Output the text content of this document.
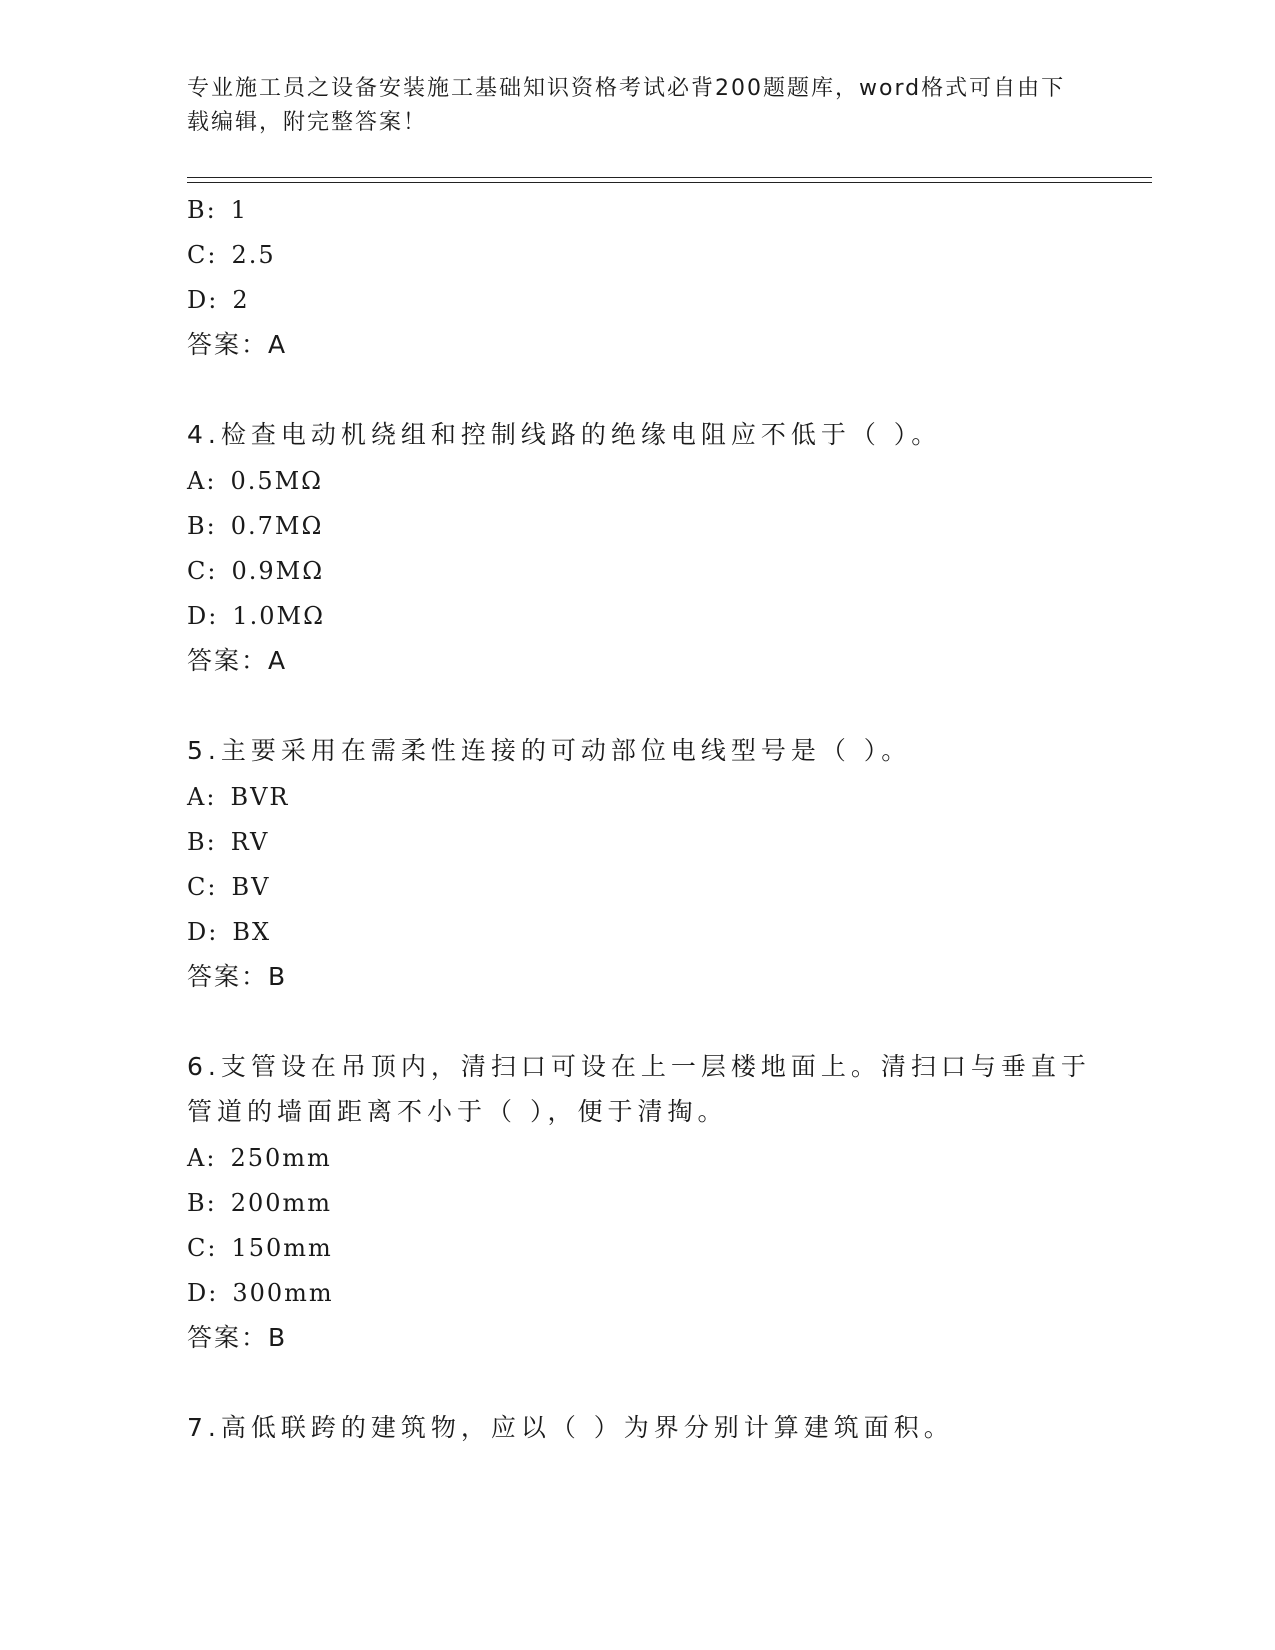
专业施工员之设备安装施工基础知识资格考试必背200题题库，word格式可自由下载编辑，附完整答案！
B: 1
C: 2.5
D: 2
答案：A
4.检查电动机绕组和控制线路的绝缘电阻应不低于（ ）。
A: 0.5MΩ
B: 0.7MΩ
C: 0.9MΩ
D: 1.0MΩ
答案：A
5.主要采用在需柔性连接的可动部位电线型号是（ ）。
A: BVR
B: RV
C: BV
D: BX
答案：B
6.支管设在吊顶内，清扫口可设在上一层楼地面上。清扫口与垂直于
管道的墙面距离不小于（ ），便于清掏。
A: 250mm
B: 200mm
C: 150mm
D: 300mm
答案：B
7.高低联跨的建筑物，应以（ ）为界分别计算建筑面积。
